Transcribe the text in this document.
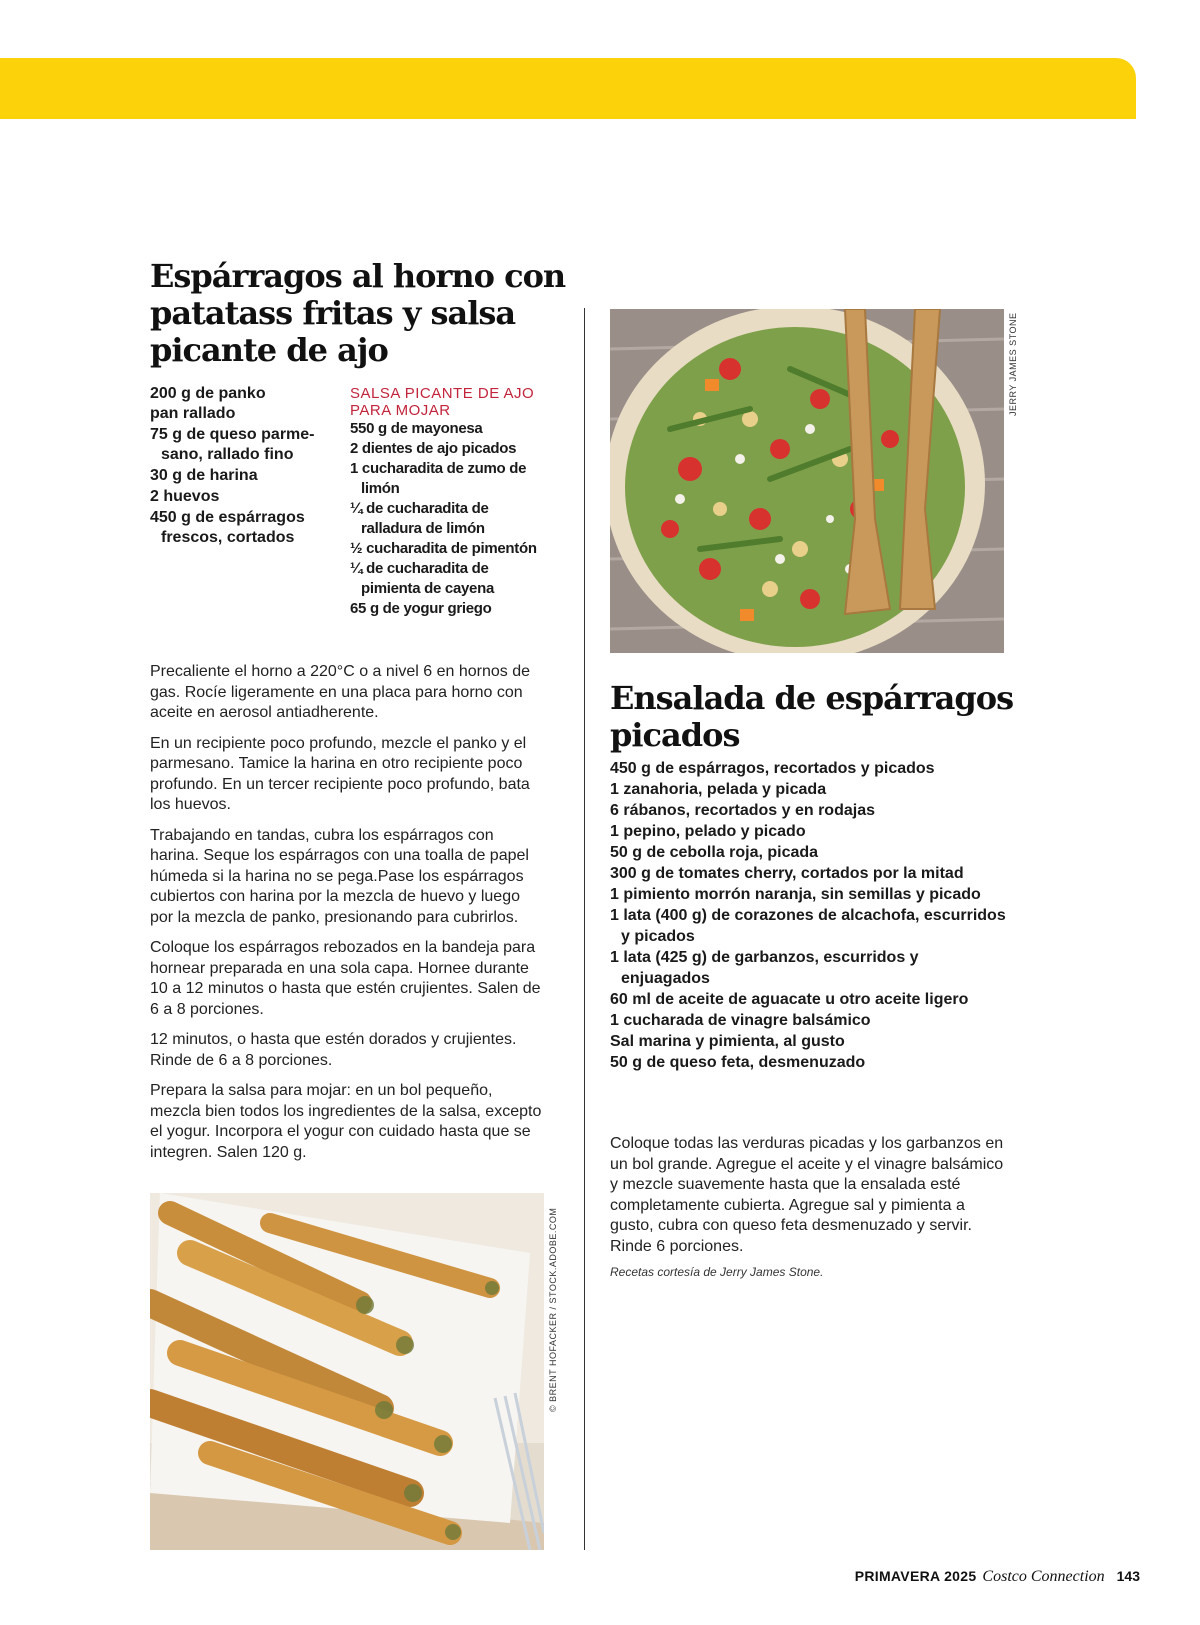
Espárragos al horno con patatass fritas y salsa picante de ajo
200 g de panko
pan rallado
75 g de queso parme-sano, rallado fino
30 g de harina
2 huevos
450 g de espárragos frescos, cortados
SALSA PICANTE DE AJO PARA MOJAR
550 g de mayonesa
2 dientes de ajo picados
1 cucharadita de zumo de limón
¼ de cucharadita de ralladura de limón
½ cucharadita de pimentón
¼ de cucharadita de pimienta de cayena
65 g de yogur griego

Precaliente el horno a 220°C o a nivel 6 en hornos de gas. Rocíe ligeramente en una placa para horno con aceite en aerosol antiadherente.

En un recipiente poco profundo, mezcle el panko y el parmesano. Tamice la harina en otro recipiente poco profundo. En un tercer recipiente poco profundo, bata los huevos.

Trabajando en tandas, cubra los espárragos con harina. Seque los espárragos con una toalla de papel húmeda si la harina no se pega.Pase los espárragos cubiertos con harina por la mezcla de huevo y luego por la mezcla de panko, presionando para cubrirlos.

Coloque los espárragos rebozados en la bandeja para hornear preparada en una sola capa. Hornee durante 10 a 12 minutos o hasta que estén crujientes. Salen de 6 a 8 porciones.

12 minutos, o hasta que estén dorados y crujientes. Rinde de 6 a 8 porciones.

Prepara la salsa para mojar: en un bol pequeño, mezcla bien todos los ingredientes de la salsa, excepto el yogur. Incorpora el yogur con cuidado hasta que se integren. Salen 120 g.

© BRENT HOFACKER / STOCK.ADOBE.COM
JERRY JAMES STONE
Ensalada de espárragos picados
450 g de espárragos, recortados y picados
1 zanahoria, pelada y picada
6 rábanos, recortados y en rodajas
1 pepino, pelado y picado
50 g de cebolla roja, picada
300 g de tomates cherry, cortados por la mitad
1 pimiento morrón naranja, sin semillas y picado
1 lata (400 g) de corazones de alcachofa, escurridos y picados
1 lata (425 g) de garbanzos, escurridos y enjuagados
60 ml de aceite de aguacate u otro aceite ligero
1 cucharada de vinagre balsámico
Sal marina y pimienta, al gusto
50 g de queso feta, desmenuzado

Coloque todas las verduras picadas y los garbanzos en un bol grande. Agregue el aceite y el vinagre balsámico y mezcle suavemente hasta que la ensalada esté completamente cubierta. Agregue sal y pimienta a gusto, cubra con queso feta desmenuzado y servir. Rinde 6 porciones.

Recetas cortesía de Jerry James Stone.

PRIMAVERA 2025 Costco Connection 143
